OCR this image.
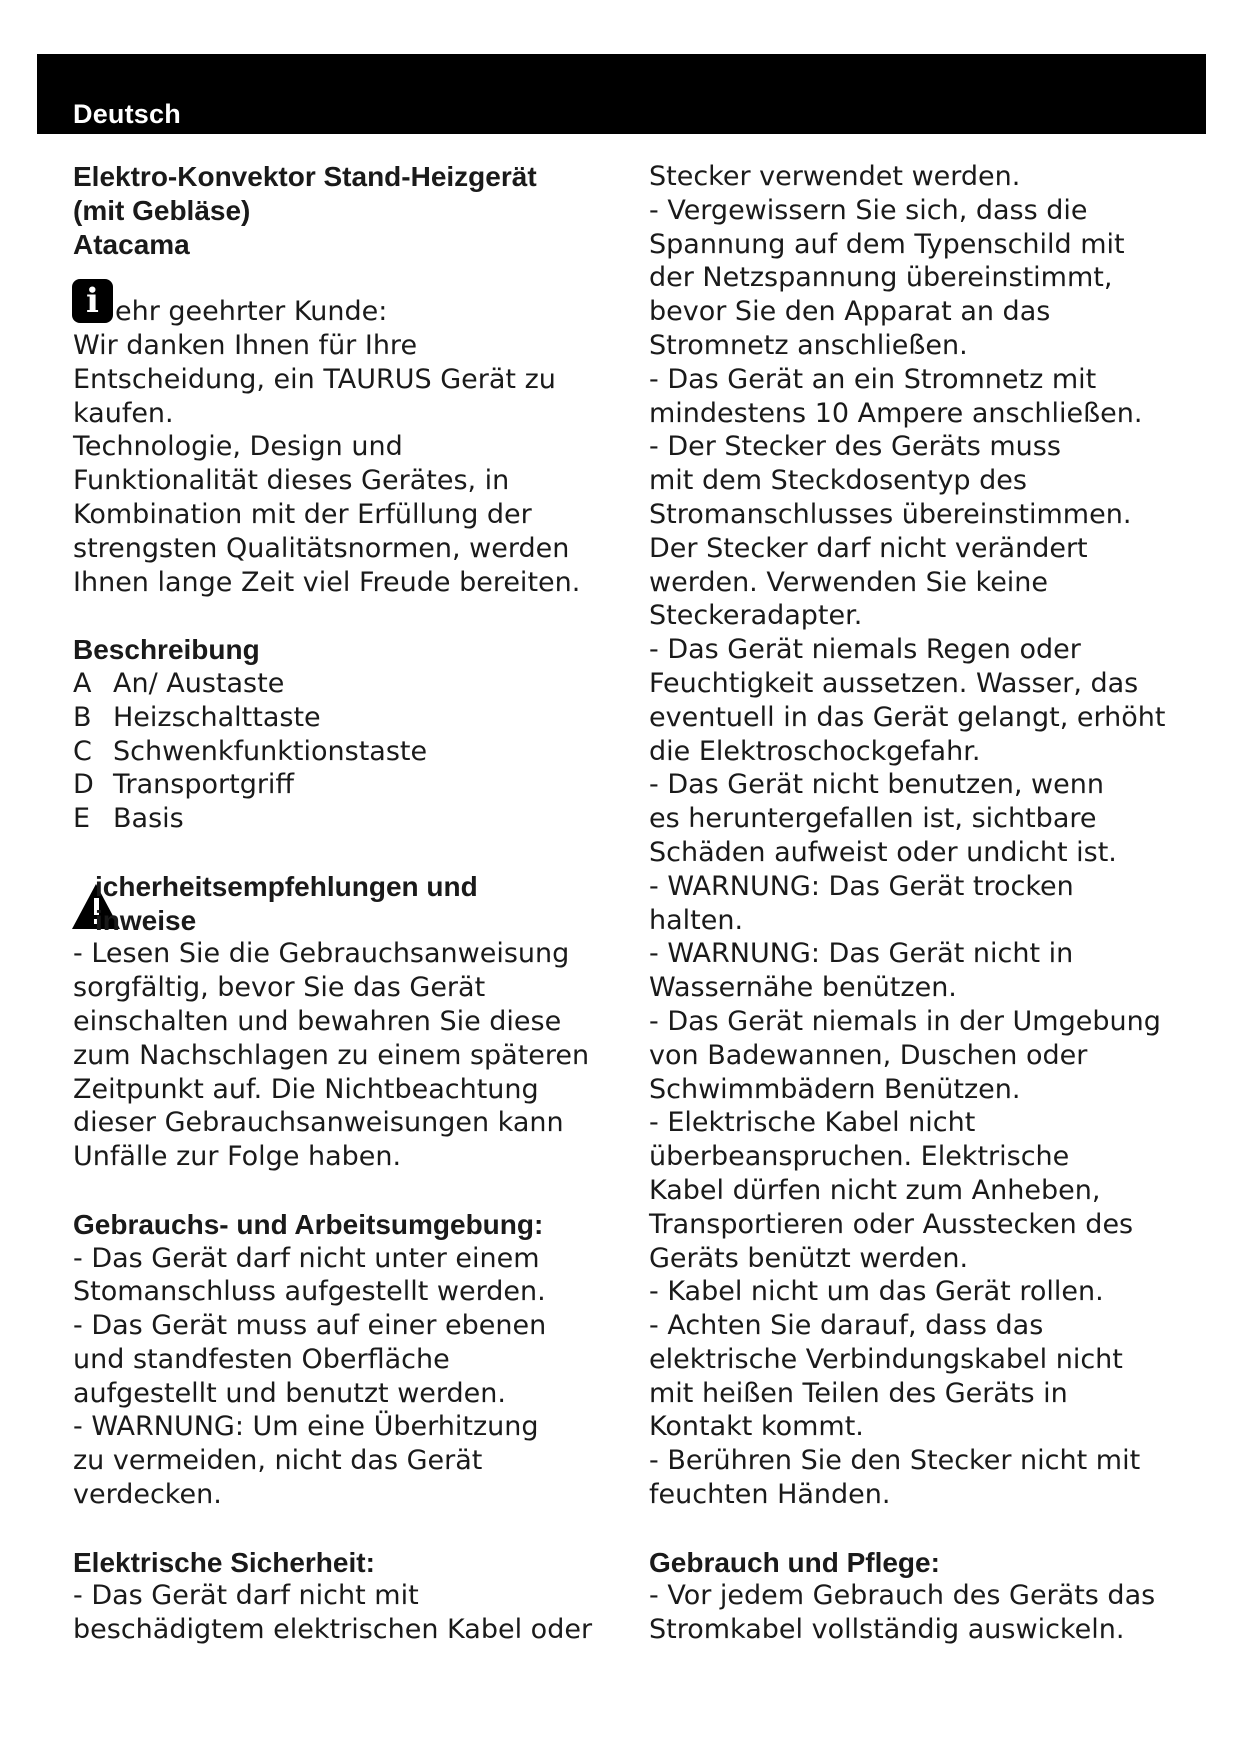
Deutsch
i
Elektro-Konvektor Stand-Heizgerät
(mit Gebläse)
Atacama
ehr geehrter Kunde:
Wir danken Ihnen für Ihre
Entscheidung, ein TAURUS Gerät zu
kaufen.
Technologie, Design und
Funktionalität dieses Gerätes, in
Kombination mit der Erfüllung der
strengsten Qualitätsnormen, werden
Ihnen lange Zeit viel Freude bereiten.
Beschreibung
A An/ Austaste
B Heizschalttaste
C Schwenkfunktionstaste
D Transportgriff
E Basis
icherheitsempfehlungen und
inweise
- Lesen Sie die Gebrauchsanweisung
sorgfältig, bevor Sie das Gerät
einschalten und bewahren Sie diese
zum Nachschlagen zu einem späteren
Zeitpunkt auf. Die Nichtbeachtung
dieser Gebrauchsanweisungen kann
Unfälle zur Folge haben.
Gebrauchs- und Arbeitsumgebung:
- Das Gerät darf nicht unter einem
Stomanschluss aufgestellt werden.
- Das Gerät muss auf einer ebenen
und standfesten Oberfläche
aufgestellt und benutzt werden.
- WARNUNG: Um eine Überhitzung
zu vermeiden, nicht das Gerät
verdecken.
Elektrische Sicherheit:
- Das Gerät darf nicht mit
beschädigtem elektrischen Kabel oder
Stecker verwendet werden.
- Vergewissern Sie sich, dass die
Spannung auf dem Typenschild mit
der Netzspannung übereinstimmt,
bevor Sie den Apparat an das
Stromnetz anschließen.
- Das Gerät an ein Stromnetz mit
mindestens 10 Ampere anschließen.
- Der Stecker des Geräts muss
mit dem Steckdosentyp des
Stromanschlusses übereinstimmen.
Der Stecker darf nicht verändert
werden. Verwenden Sie keine
Steckeradapter.
- Das Gerät niemals Regen oder
Feuchtigkeit aussetzen. Wasser, das
eventuell in das Gerät gelangt, erhöht
die Elektroschockgefahr.
- Das Gerät nicht benutzen, wenn
es heruntergefallen ist, sichtbare
Schäden aufweist oder undicht ist.
- WARNUNG: Das Gerät trocken
halten.
- WARNUNG: Das Gerät nicht in
Wassernähe benützen.
- Das Gerät niemals in der Umgebung
von Badewannen, Duschen oder
Schwimmbädern Benützen.
- Elektrische Kabel nicht
überbeanspruchen. Elektrische
Kabel dürfen nicht zum Anheben,
Transportieren oder Ausstecken des
Geräts benützt werden.
- Kabel nicht um das Gerät rollen.
- Achten Sie darauf, dass das
elektrische Verbindungskabel nicht
mit heißen Teilen des Geräts in
Kontakt kommt.
- Berühren Sie den Stecker nicht mit
feuchten Händen.
Gebrauch und Pflege:
- Vor jedem Gebrauch des Geräts das
Stromkabel vollständig auswickeln.
